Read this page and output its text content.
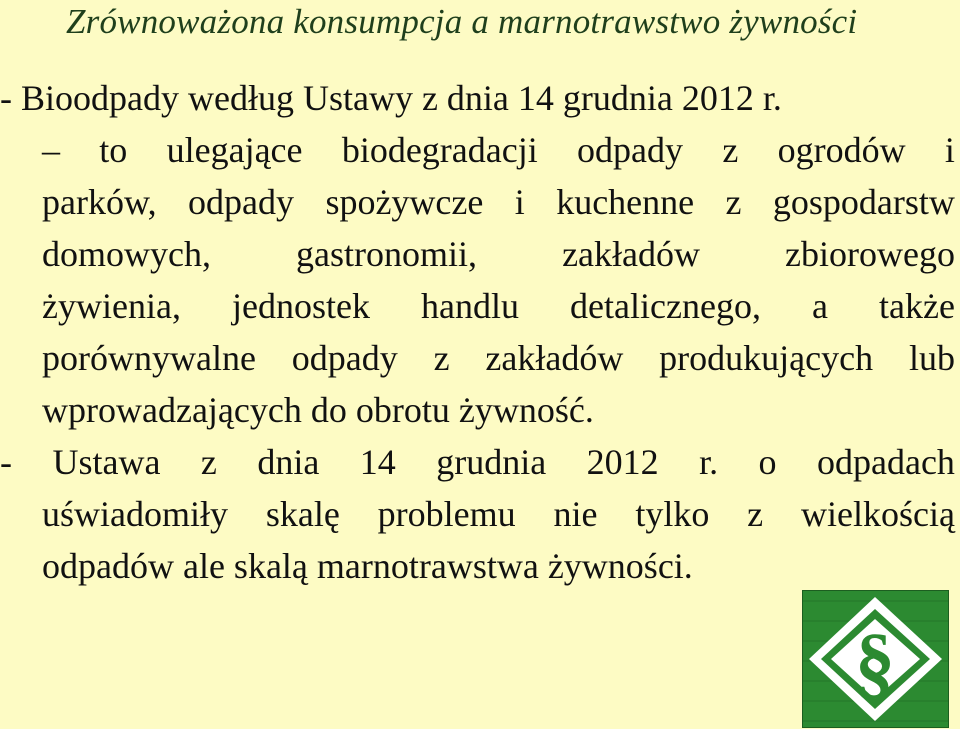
Zrównoważona konsumpcja a marnotrawstwo żywności
- Bioodpady według Ustawy z dnia 14 grudnia 2012 r.
– to ulegające biodegradacji odpady z ogrodów i
parków, odpady spożywcze i kuchenne z gospodarstw
domowych, gastronomii, zakładów zbiorowego
żywienia, jednostek handlu detalicznego, a także
porównywalne odpady z zakładów produkujących lub
wprowadzających do obrotu żywność.
- Ustawa z dnia 14 grudnia 2012 r. o odpadach
uświadomiły skalę problemu nie tylko z wielkością
odpadów ale skalą marnotrawstwa żywności.
§
